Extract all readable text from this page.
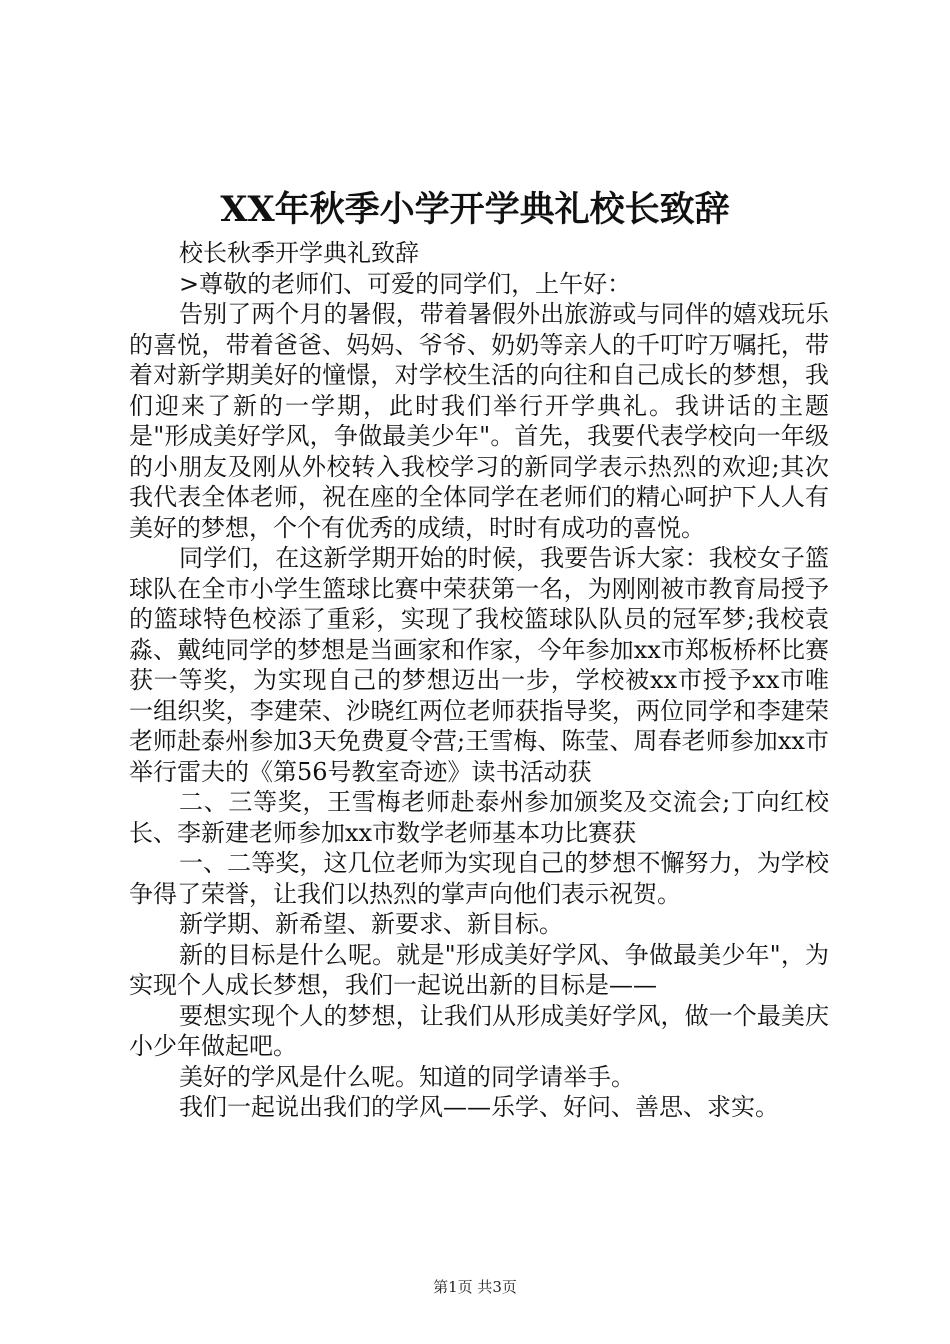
XX年秋季小学开学典礼校长致辞

校长秋季开学典礼致辞

>尊敬的老师们、可爱的同学们，上午好：

告别了两个月的暑假，带着暑假外出旅游或与同伴的嬉戏玩乐的喜悦，带着爸爸、妈妈、爷爷、奶奶等亲人的千叮咛万嘱托，带着对新学期美好的憧憬，对学校生活的向往和自己成长的梦想，我们迎来了新的一学期，此时我们举行开学典礼。我讲话的主题是"形成美好学风，争做最美少年"。首先，我要代表学校向一年级的小朋友及刚从外校转入我校学习的新同学表示热烈的欢迎;其次我代表全体老师，祝在座的全体同学在老师们的精心呵护下人人有美好的梦想，个个有优秀的成绩，时时有成功的喜悦。

同学们，在这新学期开始的时候，我要告诉大家：我校女子篮球队在全市小学生篮球比赛中荣获第一名，为刚刚被市教育局授予的篮球特色校添了重彩，实现了我校篮球队队员的冠军梦;我校袁淼、戴纯同学的梦想是当画家和作家，今年参加xx市郑板桥杯比赛获一等奖，为实现自己的梦想迈出一步，学校被xx市授予xx市唯一组织奖，李建荣、沙晓红两位老师获指导奖，两位同学和李建荣老师赴泰州参加3天免费夏令营;王雪梅、陈莹、周春老师参加xx市举行雷夫的《第56号教室奇迹》读书活动获

二、三等奖，王雪梅老师赴泰州参加颁奖及交流会;丁向红校长、李新建老师参加xx市数学老师基本功比赛获

一、二等奖，这几位老师为实现自己的梦想不懈努力，为学校争得了荣誉，让我们以热烈的掌声向他们表示祝贺。

新学期、新希望、新要求、新目标。

新的目标是什么呢。就是"形成美好学风、争做最美少年"，为实现个人成长梦想，我们一起说出新的目标是——

要想实现个人的梦想，让我们从形成美好学风，做一个最美庆小少年做起吧。

美好的学风是什么呢。知道的同学请举手。

我们一起说出我们的学风——乐学、好问、善思、求实。

第1页 共3页
